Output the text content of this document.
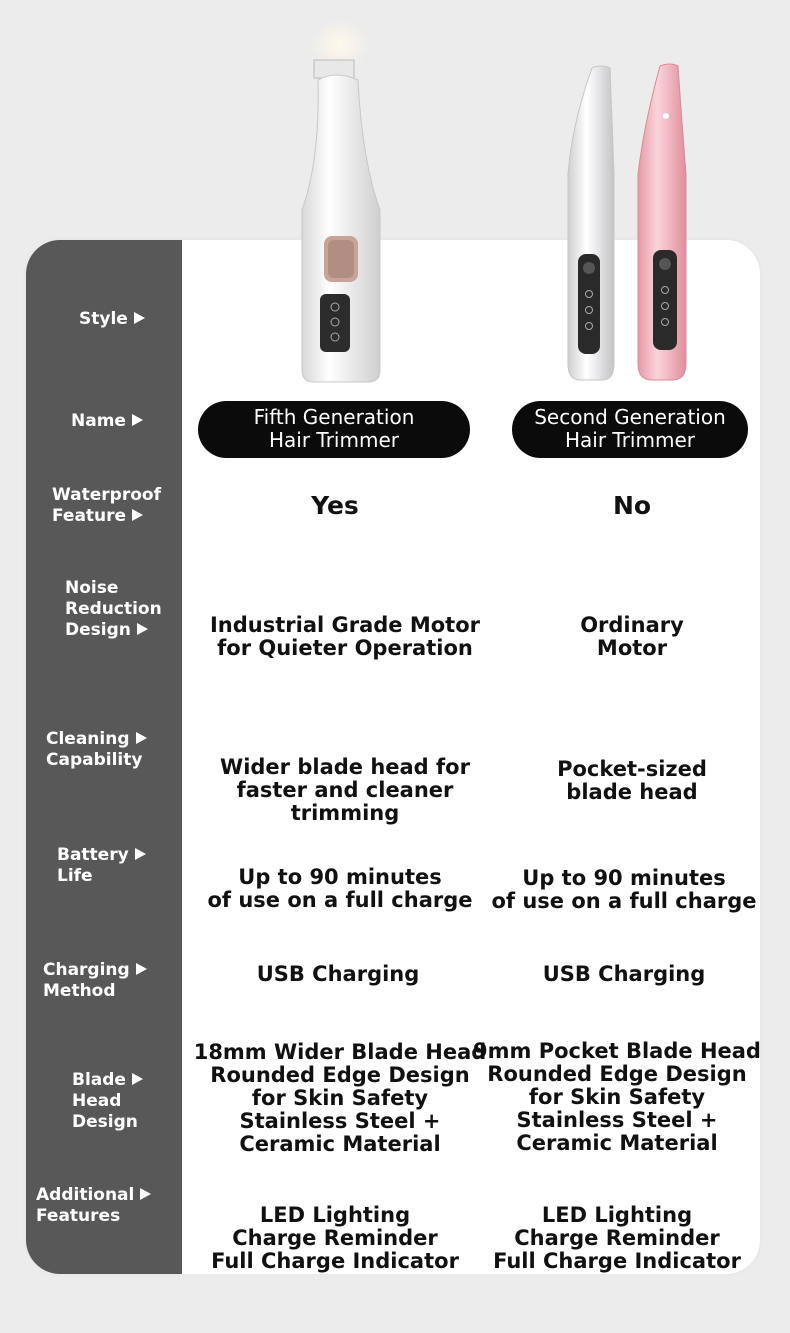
Style
Name
Waterproof
Feature
Noise
Reduction
Design
Cleaning
Capability
Battery
Life
Charging
Method
Blade
Head
Design
Additional
Features
Fifth Generation
Hair Trimmer
Second Generation
Hair Trimmer
Yes

Industrial Grade Motor
for Quieter Operation

Wider blade head for
faster and cleaner
trimming

Up to 90 minutes
of use on a full charge

USB Charging

18mm Wider Blade Head
Rounded Edge Design
for Skin Safety
Stainless Steel +
Ceramic Material

LED Lighting
Charge Reminder
Full Charge Indicator

No

Ordinary
Motor

Pocket-sized
blade head

Up to 90 minutes
of use on a full charge

USB Charging

9mm Pocket Blade Head
Rounded Edge Design
for Skin Safety
Stainless Steel +
Ceramic Material

LED Lighting
Charge Reminder
Full Charge Indicator
